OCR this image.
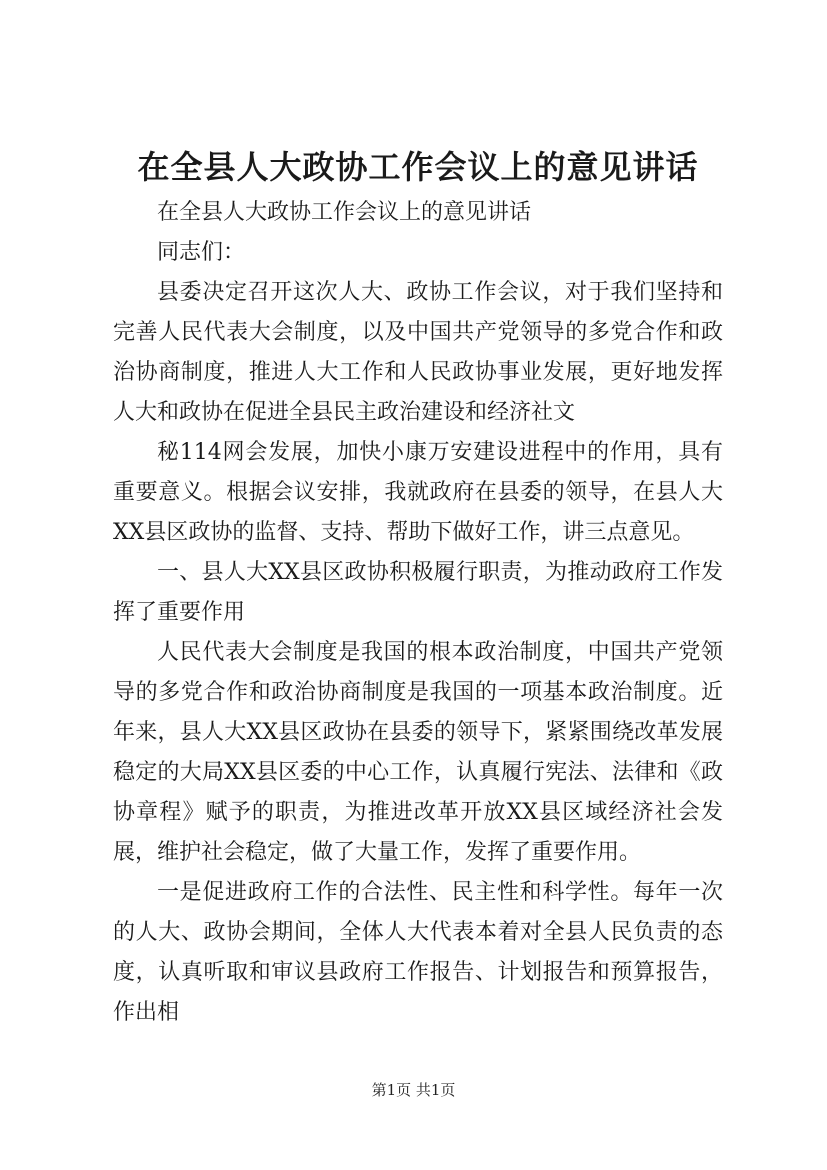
在全县人大政协工作会议上的意见讲话

在全县人大政协工作会议上的意见讲话

同志们：

县委决定召开这次人大、政协工作会议，对于我们坚持和完善人民代表大会制度，以及中国共产党领导的多党合作和政治协商制度，推进人大工作和人民政协事业发展，更好地发挥人大和政协在促进全县民主政治建设和经济社文

秘114网会发展，加快小康万安建设进程中的作用，具有重要意义。根据会议安排，我就政府在县委的领导，在县人大XX县区政协的监督、支持、帮助下做好工作，讲三点意见。

一、县人大XX县区政协积极履行职责，为推动政府工作发挥了重要作用

人民代表大会制度是我国的根本政治制度，中国共产党领导的多党合作和政治协商制度是我国的一项基本政治制度。近年来，县人大XX县区政协在县委的领导下，紧紧围绕改革发展稳定的大局XX县区委的中心工作，认真履行宪法、法律和《政协章程》赋予的职责，为推进改革开放XX县区域经济社会发展，维护社会稳定，做了大量工作，发挥了重要作用。

一是促进政府工作的合法性、民主性和科学性。每年一次的人大、政协会期间，全体人大代表本着对全县人民负责的态度，认真听取和审议县政府工作报告、计划报告和预算报告，作出相

第1页 共1页
